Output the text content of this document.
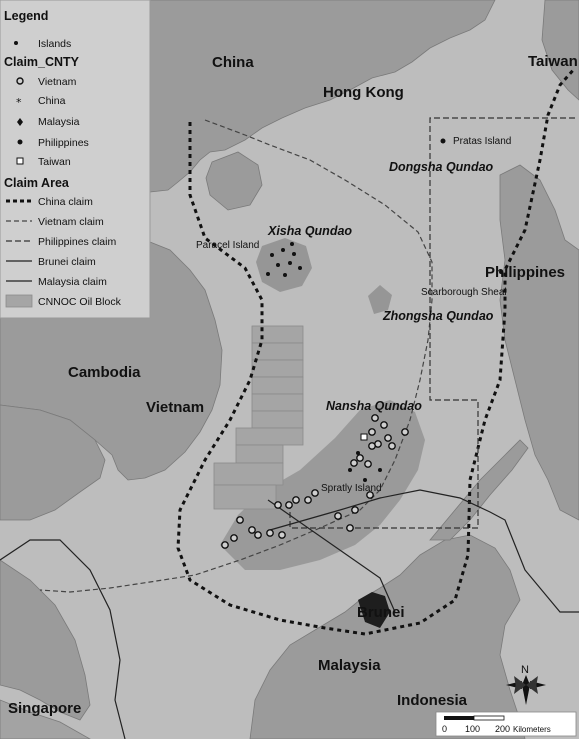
China
Hong Kong
Taiwan
Philippines
Cambodia
Vietnam
Brunei
Malaysia
Indonesia
Singapore
Pratas Island
Dongsha Qundao
Paracel Island
Xisha Qundao
Scarborough Sheal
Zhongsha Qundao
Nansha Qundao
Spratly Island
Legend
Islands
Claim_CNTY
Vietnam
* China
Malaysia
Philippines
Taiwan
Claim Area
China claim
Vietnam claim
Philippines claim
Brunei claim
Malaysia claim
CNNOC Oil Block
N
0 100 200 Kilometers
